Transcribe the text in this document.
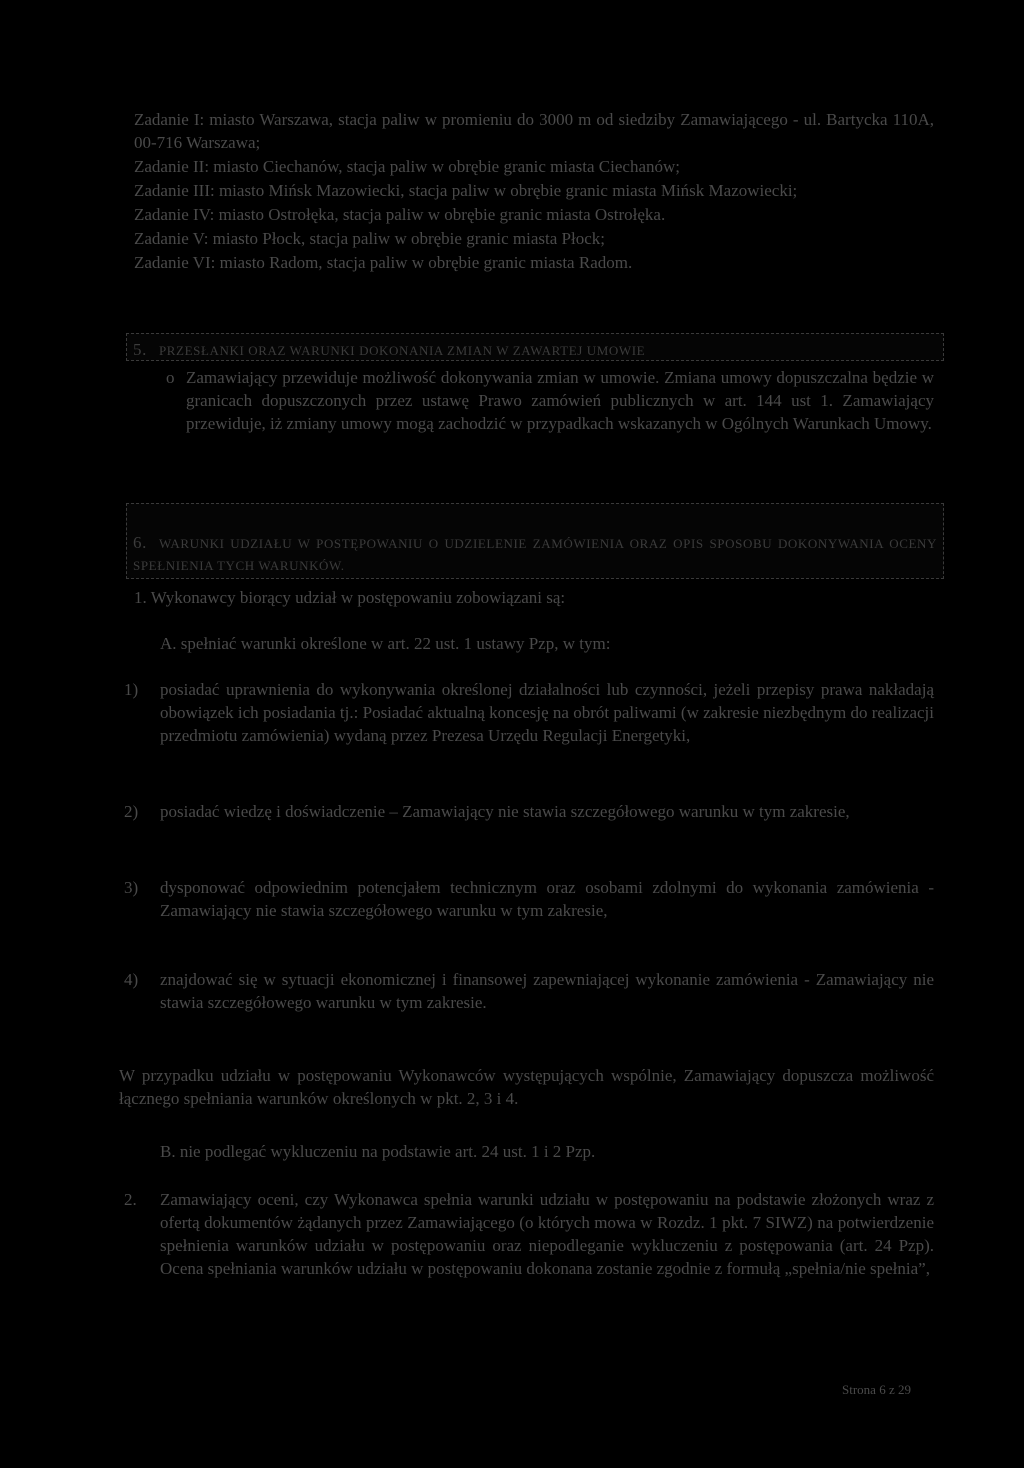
Zadanie I: miasto Warszawa, stacja paliw w promieniu do 3000 m od siedziby Zamawiającego - ul. Bartycka 110A, 00-716 Warszawa;
Zadanie II: miasto Ciechanów, stacja paliw w obrębie granic miasta Ciechanów;
Zadanie III: miasto Mińsk Mazowiecki, stacja paliw w obrębie granic miasta Mińsk Mazowiecki;
Zadanie IV: miasto Ostrołęka, stacja paliw w obrębie granic miasta Ostrołęka.
Zadanie V: miasto Płock, stacja paliw w obrębie granic miasta Płock;
Zadanie VI: miasto Radom, stacja paliw w obrębie granic miasta Radom.
5. PRZESŁANKI ORAZ WARUNKI DOKONANIA ZMIAN W ZAWARTEJ UMOWIE
o Zamawiający przewiduje możliwość dokonywania zmian w umowie. Zmiana umowy dopuszczalna będzie w granicach dopuszczonych przez ustawę Prawo zamówień publicznych w art. 144 ust 1. Zamawiający przewiduje, iż zmiany umowy mogą zachodzić w przypadkach wskazanych w Ogólnych Warunkach Umowy.
6. WARUNKI UDZIAŁU W POSTĘPOWANIU O UDZIELENIE ZAMÓWIENIA ORAZ OPIS SPOSOBU DOKONYWANIA OCENY SPEŁNIENIA TYCH WARUNKÓW.
1. Wykonawcy biorący udział w postępowaniu zobowiązani są:
A. spełniać warunki określone w art. 22 ust. 1 ustawy Pzp, w tym:
1) posiadać uprawnienia do wykonywania określonej działalności lub czynności, jeżeli przepisy prawa nakładają obowiązek ich posiadania tj.: Posiadać aktualną koncesję na obrót paliwami (w zakresie niezbędnym do realizacji przedmiotu zamówienia) wydaną przez Prezesa Urzędu Regulacji Energetyki,
2) posiadać wiedzę i doświadczenie – Zamawiający nie stawia szczegółowego warunku w tym zakresie,
3) dysponować odpowiednim potencjałem technicznym oraz osobami zdolnymi do wykonania zamówienia - Zamawiający nie stawia szczegółowego warunku w tym zakresie,
4) znajdować się w sytuacji ekonomicznej i finansowej zapewniającej wykonanie zamówienia - Zamawiający nie stawia szczegółowego warunku w tym zakresie.
W przypadku udziału w postępowaniu Wykonawców występujących wspólnie, Zamawiający dopuszcza możliwość łącznego spełniania warunków określonych w pkt. 2, 3 i 4.
B. nie podlegać wykluczeniu na podstawie art. 24 ust. 1 i 2 Pzp.
2. Zamawiający oceni, czy Wykonawca spełnia warunki udziału w postępowaniu na podstawie złożonych wraz z ofertą dokumentów żądanych przez Zamawiającego (o których mowa w Rozdz. 1 pkt. 7 SIWZ) na potwierdzenie spełnienia warunków udziału w postępowaniu oraz niepodleganie wykluczeniu z postępowania (art. 24 Pzp). Ocena spełniania warunków udziału w postępowaniu dokonana zostanie zgodnie z formułą „spełnia/nie spełnia”,
Strona 6 z 29
